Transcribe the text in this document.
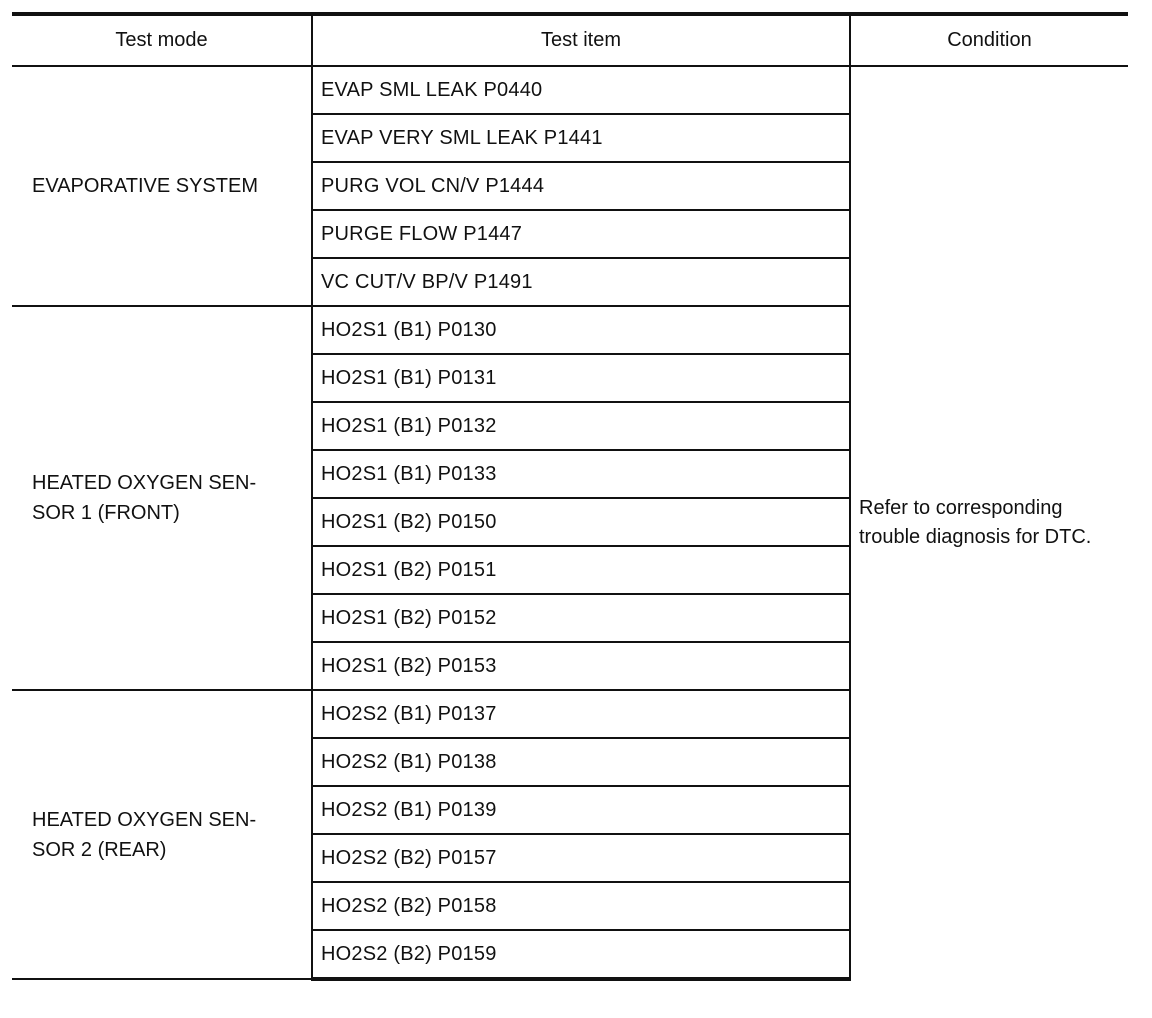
Test mode	Test item	Condition
EVAPORATIVE SYSTEM	EVAP SML LEAK P0440	Refer to corresponding trouble diagnosis for DTC.
	EVAP VERY SML LEAK P1441	
	PURG VOL CN/V P1444	
	PURGE FLOW P1447	
	VC CUT/V BP/V P1491	
HEATED OXYGEN SEN-
SOR 1 (FRONT)	HO2S1 (B1) P0130	
	HO2S1 (B1) P0131	
	HO2S1 (B1) P0132	
	HO2S1 (B1) P0133	
	HO2S1 (B2) P0150	
	HO2S1 (B2) P0151	
	HO2S1 (B2) P0152	
	HO2S1 (B2) P0153	
HEATED OXYGEN SEN-
SOR 2 (REAR)	HO2S2 (B1) P0137	
	HO2S2 (B1) P0138	
	HO2S2 (B1) P0139	
	HO2S2 (B2) P0157	
	HO2S2 (B2) P0158	
	HO2S2 (B2) P0159	
